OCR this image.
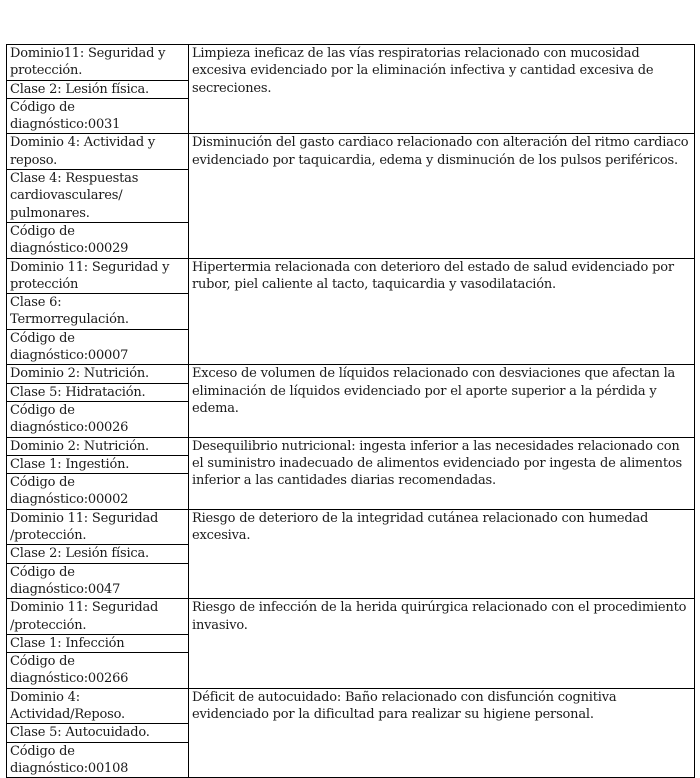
Dominio11: Seguridad y protección.
Clase 2: Lesión física.
Código de diagnóstico:0031	Limpieza ineficaz de las vías respiratorias relacionado con mucosidad excesiva evidenciado por la eliminación infectiva y cantidad excesiva de secreciones.

Dominio 4: Actividad y reposo.
Clase 4: Respuestas cardiovasculares/ pulmonares.
Código de diagnóstico:00029	Disminución del gasto cardiaco relacionado con alteración del ritmo cardiaco evidenciado por taquicardia, edema y disminución de los pulsos periféricos.

Dominio 11: Seguridad y protección
Clase 6: Termorregulación.
Código de diagnóstico:00007	Hipertermia relacionada con deterioro del estado de salud evidenciado por rubor, piel caliente al tacto, taquicardia y vasodilatación.

Dominio 2: Nutrición.
Clase 5: Hidratación.
Código de diagnóstico:00026	Exceso de volumen de líquidos relacionado con desviaciones que afectan la eliminación de líquidos evidenciado por el aporte superior a la pérdida y edema.

Dominio 2: Nutrición.
Clase 1: Ingestión.
Código de diagnóstico:00002	Desequilibrio nutricional: ingesta inferior a las necesidades relacionado con el suministro inadecuado de alimentos evidenciado por ingesta de alimentos inferior a las cantidades diarias recomendadas.

Dominio 11: Seguridad /protección.
Clase 2: Lesión física.
Código de diagnóstico:0047	Riesgo de deterioro de la integridad cutánea relacionado con humedad excesiva.

Dominio 11: Seguridad /protección.
Clase 1: Infección
Código de diagnóstico:00266	Riesgo de infección de la herida quirúrgica relacionado con el procedimiento invasivo.

Dominio 4: Actividad/Reposo.
Clase 5: Autocuidado.
Código de diagnóstico:00108	Déficit de autocuidado: Baño relacionado con disfunción cognitiva evidenciado por la dificultad para realizar su higiene personal.
